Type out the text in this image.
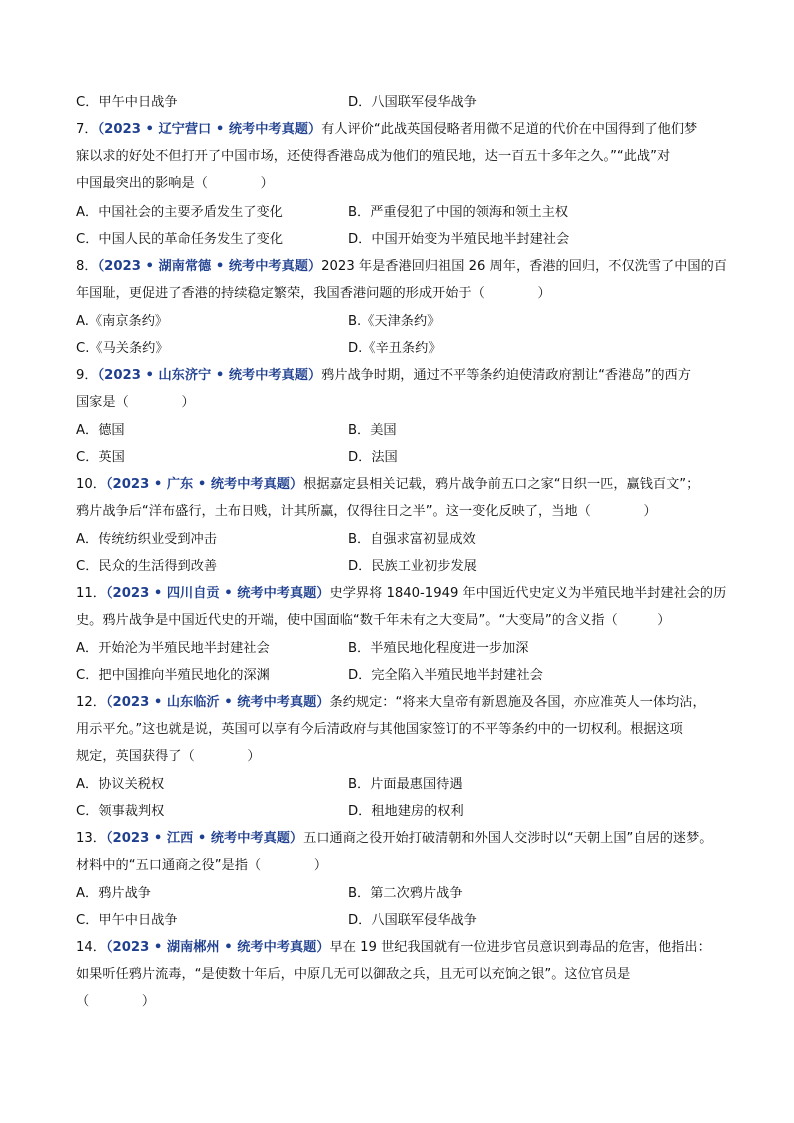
C．甲午中日战争	D．八国联军侵华战争
7．（2023 • 辽宁营口 • 统考中考真题）有人评价“此战英国侵略者用微不足道的代价在中国得到了他们梦
寐以求的好处不但打开了中国市场，还使得香港岛成为他们的殖民地，达一百五十多年之久。”“此战”对
中国最突出的影响是（　　　　）
A．中国社会的主要矛盾发生了变化	B．严重侵犯了中国的领海和领土主权
C．中国人民的革命任务发生了变化	D．中国开始变为半殖民地半封建社会
8．（2023 • 湖南常德 • 统考中考真题）2023 年是香港回归祖国 26 周年，香港的回归，不仅洗雪了中国的百
年国耻，更促进了香港的持续稳定繁荣，我国香港问题的形成开始于（　　　　）
A.《南京条约》	B.《天津条约》
C.《马关条约》	D.《辛丑条约》
9．（2023 • 山东济宁 • 统考中考真题）鸦片战争时期，通过不平等条约迫使清政府割让“香港岛”的西方
国家是（　　　　）
A．德国	B．美国
C．英国	D．法国
10．（2023 • 广东 • 统考中考真题）根据嘉定县相关记载，鸦片战争前五口之家“日织一匹，赢钱百文”；
鸦片战争后“洋布盛行，土布日贱，计其所赢，仅得往日之半”。这一变化反映了，当地（　　　　）
A．传统纺织业受到冲击	B．自强求富初显成效
C．民众的生活得到改善	D．民族工业初步发展
11．（2023 • 四川自贡 • 统考中考真题）史学界将 1840-1949 年中国近代史定义为半殖民地半封建社会的历
史。鸦片战争是中国近代史的开端，使中国面临“数千年未有之大变局”。“大变局”的含义指（　　　）
A．开始沦为半殖民地半封建社会	B．半殖民地化程度进一步加深
C．把中国推向半殖民地化的深渊	D．完全陷入半殖民地半封建社会
12．（2023 • 山东临沂 • 统考中考真题）条约规定：“将来大皇帝有新恩施及各国，亦应准英人一体均沾，
用示平允。”这也就是说，英国可以享有今后清政府与其他国家签订的不平等条约中的一切权利。根据这项
规定，英国获得了（　　　　）
A．协议关税权	B．片面最惠国待遇
C．领事裁判权	D．租地建房的权利
13．（2023 • 江西 • 统考中考真题）五口通商之役开始打破清朝和外国人交涉时以“天朝上国”自居的迷梦。
材料中的“五口通商之役”是指（　　　　）
A．鸦片战争	B．第二次鸦片战争
C．甲午中日战争	D．八国联军侵华战争
14．（2023 • 湖南郴州 • 统考中考真题）早在 19 世纪我国就有一位进步官员意识到毒品的危害，他指出：
如果听任鸦片流毒，“是使数十年后，中原几无可以御敌之兵，且无可以充饷之银”。这位官员是
（　　　　）
